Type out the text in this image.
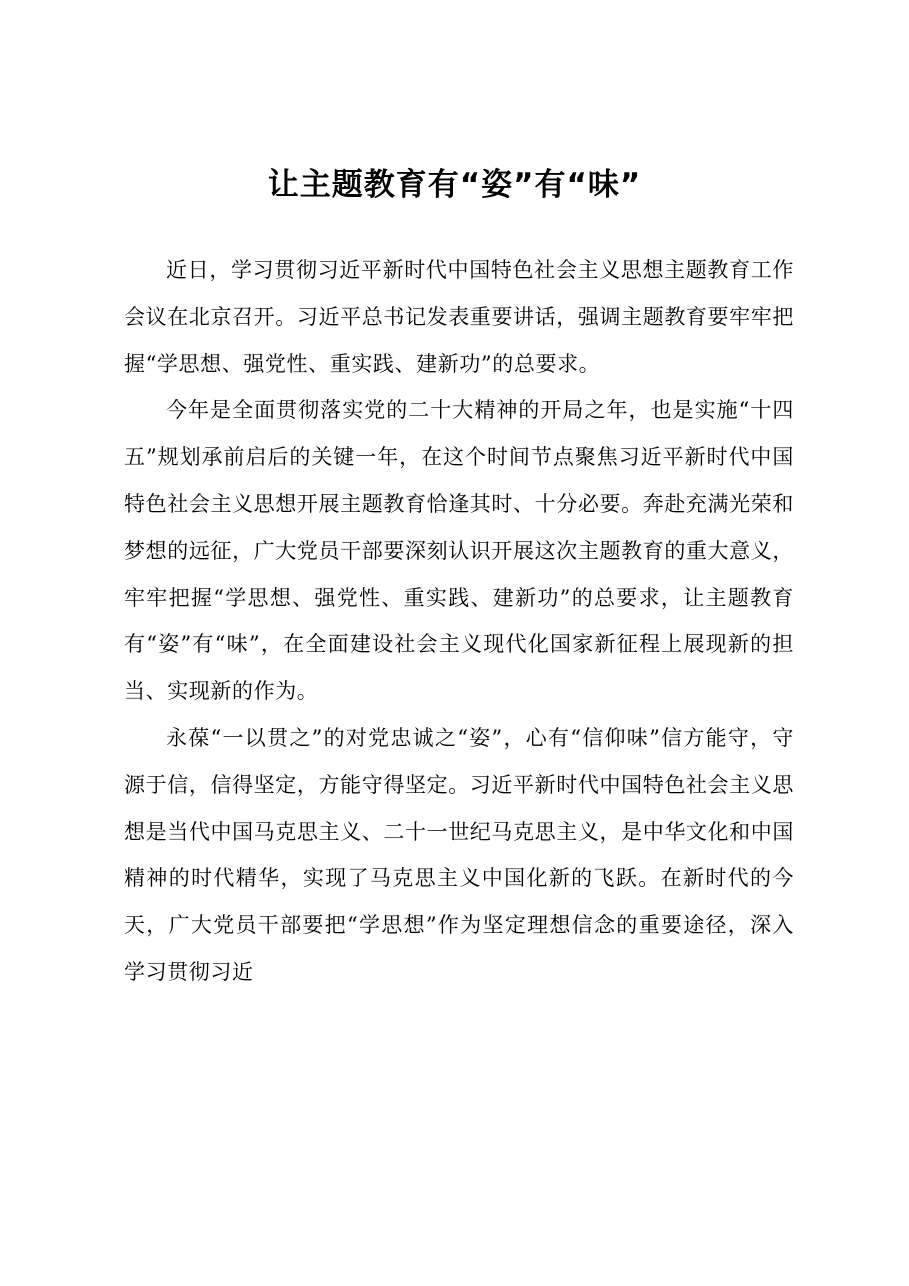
让主题教育有“姿”有“味”

近日，学习贯彻习近平新时代中国特色社会主义思想主题教育工作会议在北京召开。习近平总书记发表重要讲话，强调主题教育要牢牢把握“学思想、强党性、重实践、建新功”的总要求。

今年是全面贯彻落实党的二十大精神的开局之年，也是实施“十四五”规划承前启后的关键一年，在这个时间节点聚焦习近平新时代中国特色社会主义思想开展主题教育恰逢其时、十分必要。奔赴充满光荣和梦想的远征，广大党员干部要深刻认识开展这次主题教育的重大意义，牢牢把握“学思想、强党性、重实践、建新功”的总要求，让主题教育有“姿”有“味”，在全面建设社会主义现代化国家新征程上展现新的担当、实现新的作为。

永葆“一以贯之”的对党忠诚之“姿”，心有“信仰味”信方能守，守源于信，信得坚定，方能守得坚定。习近平新时代中国特色社会主义思想是当代中国马克思主义、二十一世纪马克思主义，是中华文化和中国精神的时代精华，实现了马克思主义中国化新的飞跃。在新时代的今天，广大党员干部要把“学思想”作为坚定理想信念的重要途径，深入学习贯彻习近
